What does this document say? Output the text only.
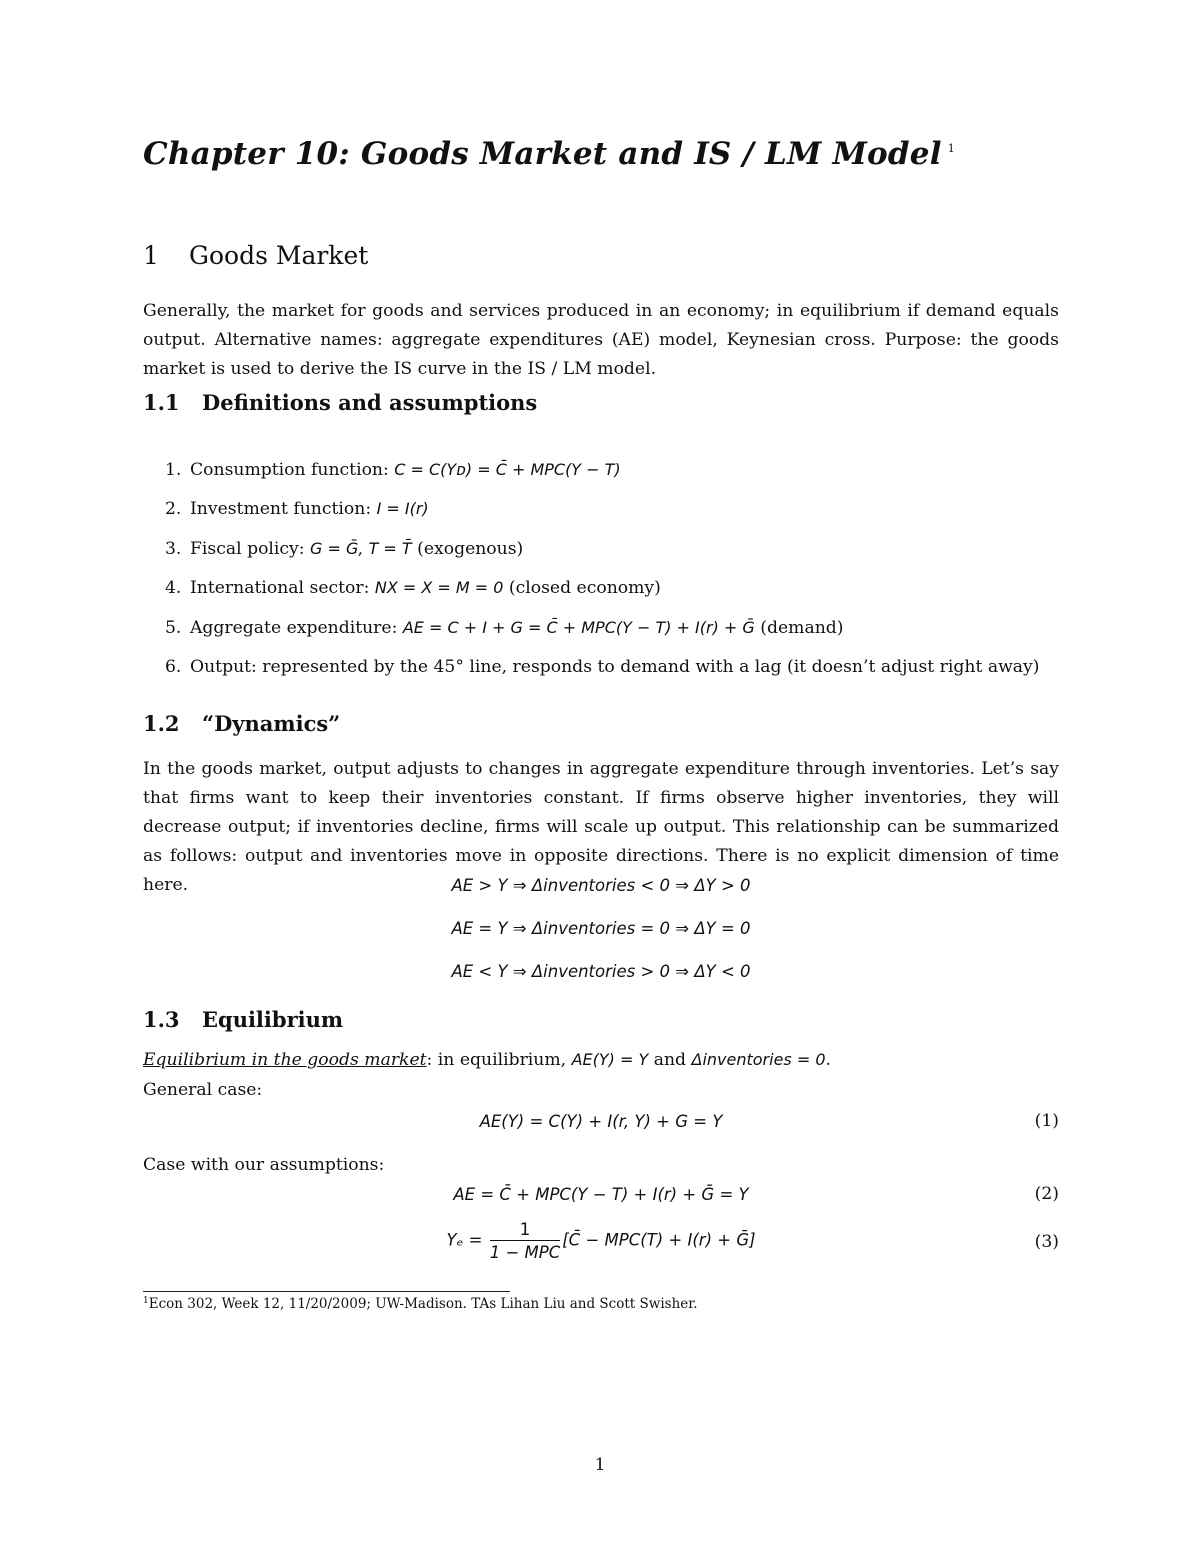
Chapter 10: Goods Market and IS / LM Model $^1$
1 Goods Market
Generally, the market for goods and services produced in an economy; in equilibrium if demand equals output. Alternative names: aggregate expenditures (AE) model, Keynesian cross. Purpose: the goods market is used to derive the IS curve in the IS / LM model.
1.1 Definitions and assumptions
1. Consumption function: C = C(Yᴅ) = C̄ + MPC(Y − T)
2. Investment function: I = I(r)
3. Fiscal policy: G = Ḡ, T = T̄ (exogenous)
4. International sector: NX = X = M = 0 (closed economy)
5. Aggregate expenditure: AE = C + I + G = C̄ + MPC(Y − T) + I(r) + Ḡ (demand)
6. Output: represented by the 45° line, responds to demand with a lag (it doesn’t adjust right away)
1.2 “Dynamics”
In the goods market, output adjusts to changes in aggregate expenditure through inventories. Let’s say that firms want to keep their inventories constant. If firms observe higher inventories, they will decrease output; if inventories decline, firms will scale up output. This relationship can be summarized as follows: output and inventories move in opposite directions. There is no explicit dimension of time here.	AE > Y ⇒ Δinventories < 0 ⇒ ΔY > 0
AE = Y ⇒ Δinventories = 0 ⇒ ΔY = 0
AE < Y ⇒ Δinventories > 0 ⇒ ΔY < 0
1.3 Equilibrium
Equilibrium in the goods market: in equilibrium, AE(Y) = Y and Δinventories = 0.
General case:
AE(Y) = C(Y) + I(r, Y) + G = Y	(1)
Case with our assumptions:
AE = C̄ + MPC(Y − T) + I(r) + Ḡ = Y	(2)
$Y_e = \frac{1}{\text{1 − MPC}}$ [C̄ − MPC(T) + I(r) + Ḡ]	(3)
$^1$Econ 302, Week 12, 11/20/2009; UW-Madison. TAs Lihan Liu and Scott Swisher.
1
